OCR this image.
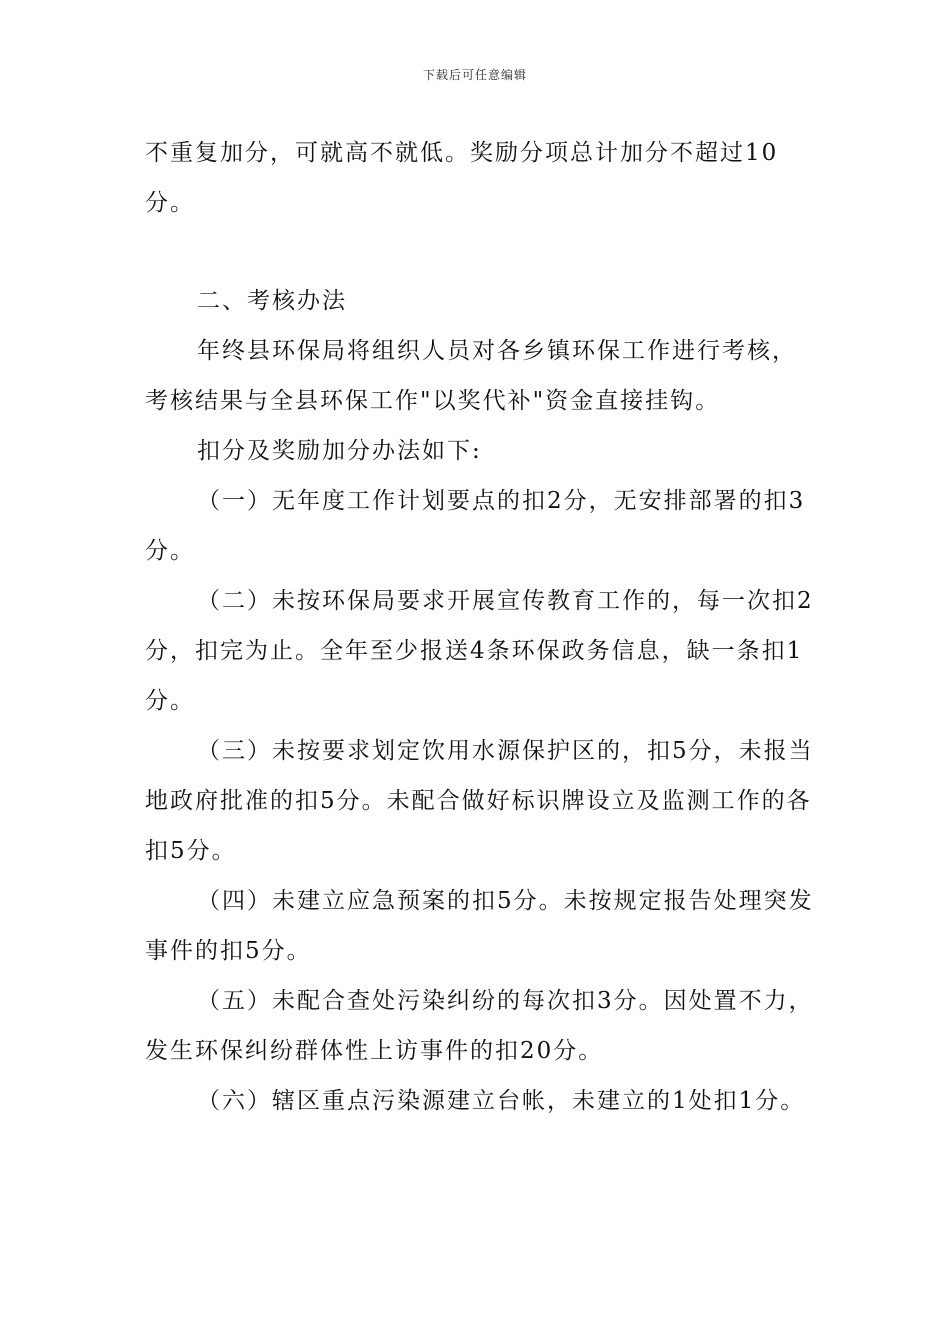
下载后可任意编辑

不重复加分，可就高不就低。奖励分项总计加分不超过10分。

二、考核办法

年终县环保局将组织人员对各乡镇环保工作进行考核，考核结果与全县环保工作"以奖代补"资金直接挂钩。

扣分及奖励加分办法如下:

（一）无年度工作计划要点的扣2分，无安排部署的扣3分。

（二）未按环保局要求开展宣传教育工作的，每一次扣2分，扣完为止。全年至少报送4条环保政务信息，缺一条扣1分。

（三）未按要求划定饮用水源保护区的，扣5分，未报当地政府批准的扣5分。未配合做好标识牌设立及监测工作的各扣5分。

（四）未建立应急预案的扣5分。未按规定报告处理突发事件的扣5分。

（五）未配合查处污染纠纷的每次扣3分。因处置不力，发生环保纠纷群体性上访事件的扣20分。

（六）辖区重点污染源建立台帐，未建立的1处扣1分。
